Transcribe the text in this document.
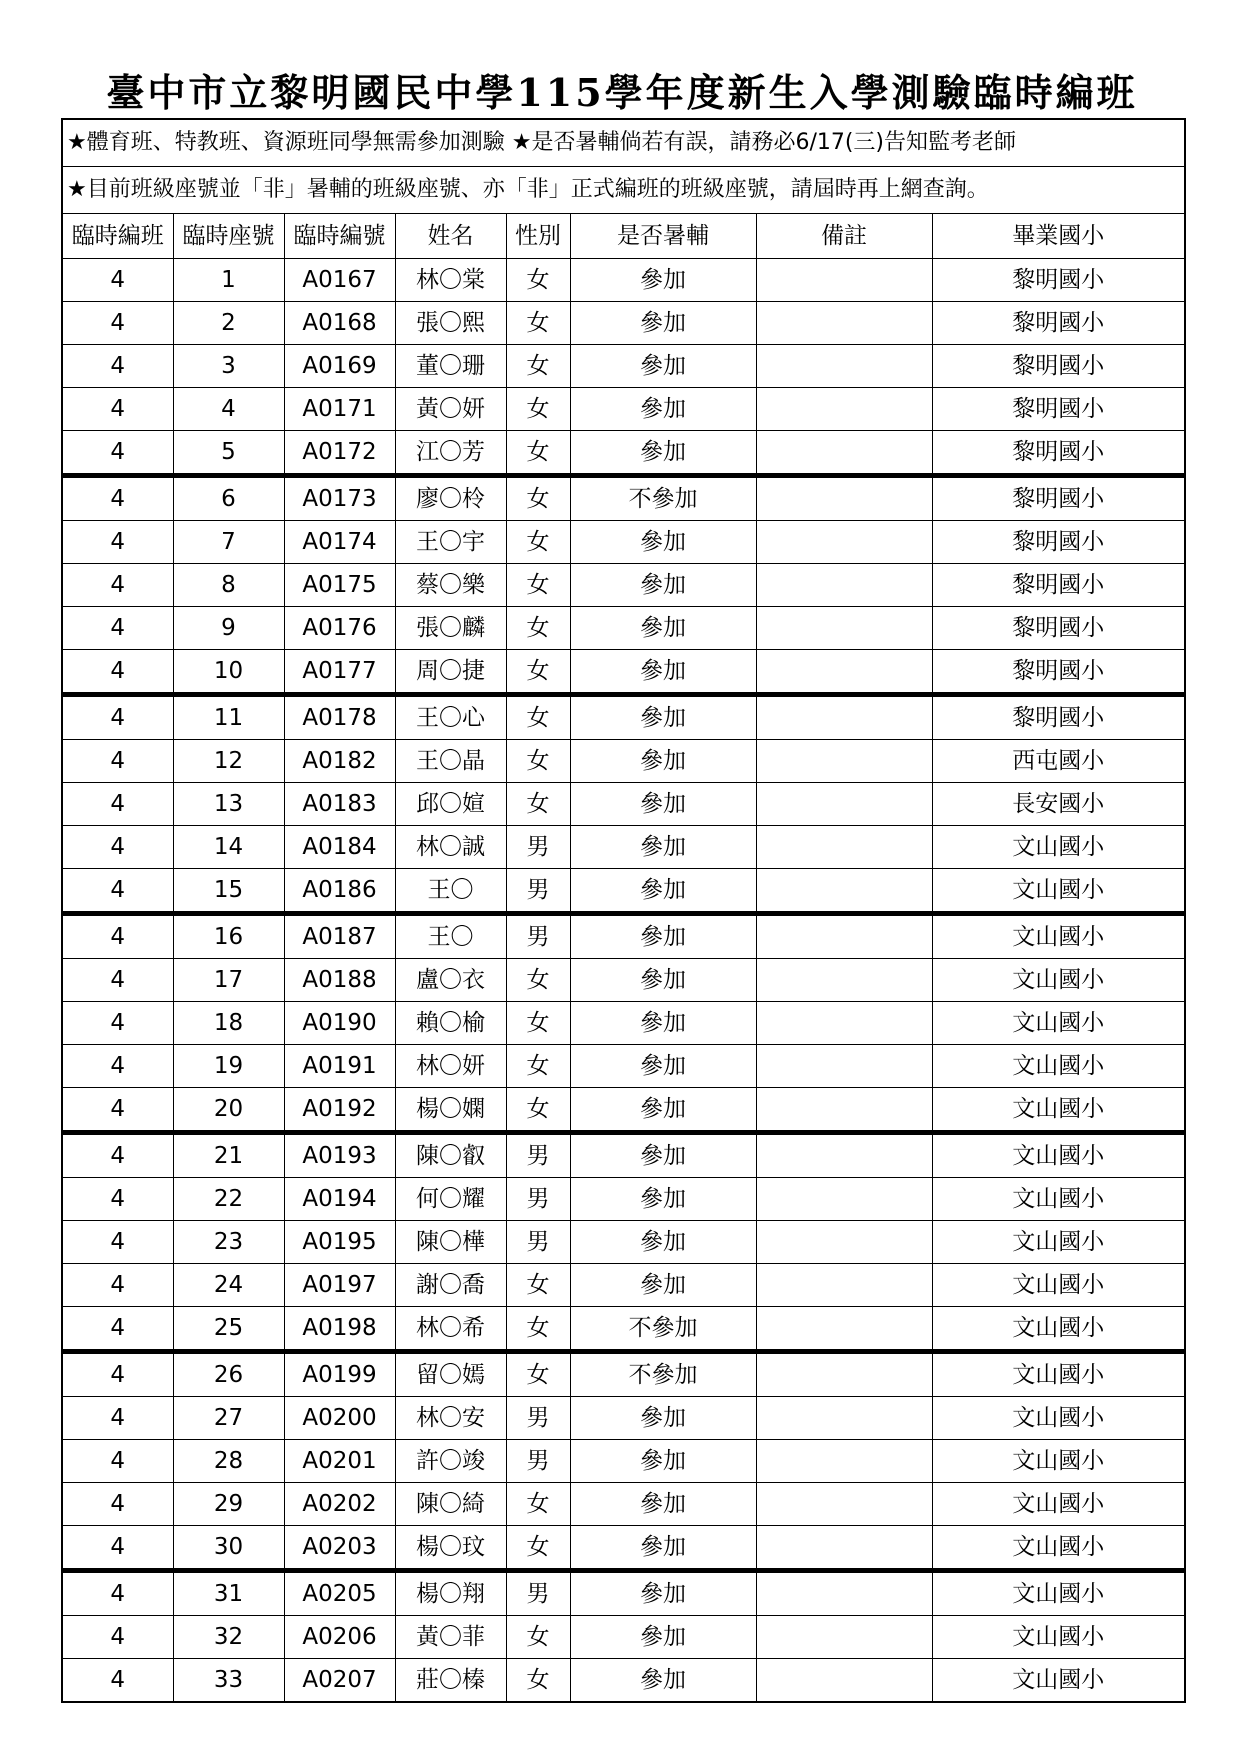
臺中市立黎明國民中學115學年度新生入學測驗臨時編班
★體育班、特教班、資源班同學無需參加測驗 ★是否暑輔倘若有誤，請務必6/17(三)告知監考老師							
★目前班級座號並「非」暑輔的班級座號、亦「非」正式編班的班級座號，請屆時再上網查詢。							
臨時編班	臨時座號	臨時編號	姓名	性別	是否暑輔	備註	畢業國小
4	1	A0167	林〇棠	女	參加		黎明國小
4	2	A0168	張〇熙	女	參加		黎明國小
4	3	A0169	董〇珊	女	參加		黎明國小
4	4	A0171	黃〇妍	女	參加		黎明國小
4	5	A0172	江〇芳	女	參加		黎明國小
4	6	A0173	廖〇柃	女	不參加		黎明國小
4	7	A0174	王〇宇	女	參加		黎明國小
4	8	A0175	蔡〇樂	女	參加		黎明國小
4	9	A0176	張〇麟	女	參加		黎明國小
4	10	A0177	周〇捷	女	參加		黎明國小
4	11	A0178	王〇心	女	參加		黎明國小
4	12	A0182	王〇晶	女	參加		西屯國小
4	13	A0183	邱〇媗	女	參加		長安國小
4	14	A0184	林〇誠	男	參加		文山國小
4	15	A0186	王〇	男	參加		文山國小
4	16	A0187	王〇	男	參加		文山國小
4	17	A0188	盧〇衣	女	參加		文山國小
4	18	A0190	賴〇榆	女	參加		文山國小
4	19	A0191	林〇妍	女	參加		文山國小
4	20	A0192	楊〇嫻	女	參加		文山國小
4	21	A0193	陳〇叡	男	參加		文山國小
4	22	A0194	何〇耀	男	參加		文山國小
4	23	A0195	陳〇樺	男	參加		文山國小
4	24	A0197	謝〇喬	女	參加		文山國小
4	25	A0198	林〇希	女	不參加		文山國小
4	26	A0199	留〇嫣	女	不參加		文山國小
4	27	A0200	林〇安	男	參加		文山國小
4	28	A0201	許〇竣	男	參加		文山國小
4	29	A0202	陳〇綺	女	參加		文山國小
4	30	A0203	楊〇玟	女	參加		文山國小
4	31	A0205	楊〇翔	男	參加		文山國小
4	32	A0206	黃〇菲	女	參加		文山國小
4	33	A0207	莊〇榛	女	參加		文山國小
